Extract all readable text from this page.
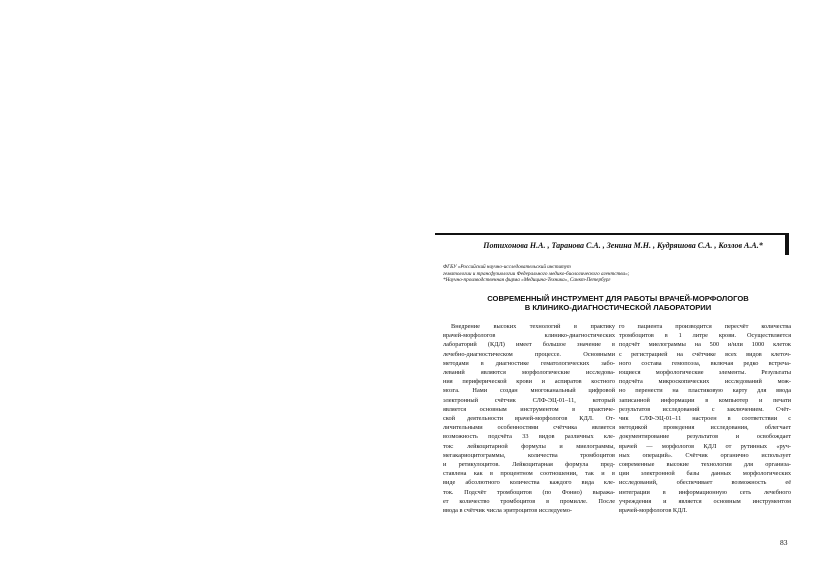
Потихонова Н.А. , Таранова С.А. , Зенина М.Н. , Кудряшова С.А. , Козлов А.А.*
ФГБУ «Российский научно-исследовательский институт
гематологии и трансфузиологии Федерального медико-биологического агентства»;
*Научно-производственная фирма «Медицина-Техника», Санкт-Петербург
СОВРЕМЕННЫЙ ИНСТРУМЕНТ ДЛЯ РАБОТЫ ВРАЧЕЙ-МОРФОЛОГОВ
В КЛИНИКО-ДИАГНОСТИЧЕСКОЙ ЛАБОРАТОРИИ
Внедрение высоких технологий в практику
врачей-морфологов клинико-диагностических
лабораторий (КДЛ) имеет большое значение в
лечебно-диагностическом процессе. Основными
методами в диагностике гематологических забо-
леваний являются морфологические исследова-
ния периферической крови и аспиратов костного
мозга. Нами создан многоканальный цифровой
электронный счётчик СЛФ-ЭЦ-01–11, который
является основным инструментом в практиче-
ской деятельности врачей-морфологов КДЛ. От-
личительными особенностями счётчика является
возможность подсчёта 33 видов различных кле-
ток: лейкоцитарной формулы и миелограммы,
мегакариоцитограммы, количества тромбоцитов
и ретикулоцитов. Лейкоцитарная формула пред-
ставлена как в процентном соотношении, так и в
виде абсолютного количества каждого вида кле-
ток. Подсчёт тромбоцитов (по Фонио) выража-
ет количество тромбоцитов в промилле. После
ввода в счётчик числа эритроцитов исследуемо-
го пациента производится пересчёт количества
тромбоцитов в 1 литре крови. Осуществляется
подсчёт миелограммы на 500 и/или 1000 клеток
с регистрацией на счётчике всех видов клеточ-
ного состава гемопоэза, включая редко встреча-
ющиеся морфологические элементы. Результаты
подсчёта микроскопических исследований мож-
но перенести на пластиковую карту для ввода
записанной информации в компьютер и печати
результатов исследований с заключением. Счёт-
чик СЛФ-ЭЦ-01–11 настроен в соответствии с
методикой проведения исследования, облегчает
документирование результатов и освобождает
врачей — морфологов КДЛ от рутинных «руч-
ных операций». Счётчик органично использует
современные высокие технологии для организа-
ции электронной базы данных морфологических
исследований, обеспечивает возможность её
интеграции в информационную сеть лечебного
учреждения и является основным инструментом
врачей-морфологов КДЛ.
83
